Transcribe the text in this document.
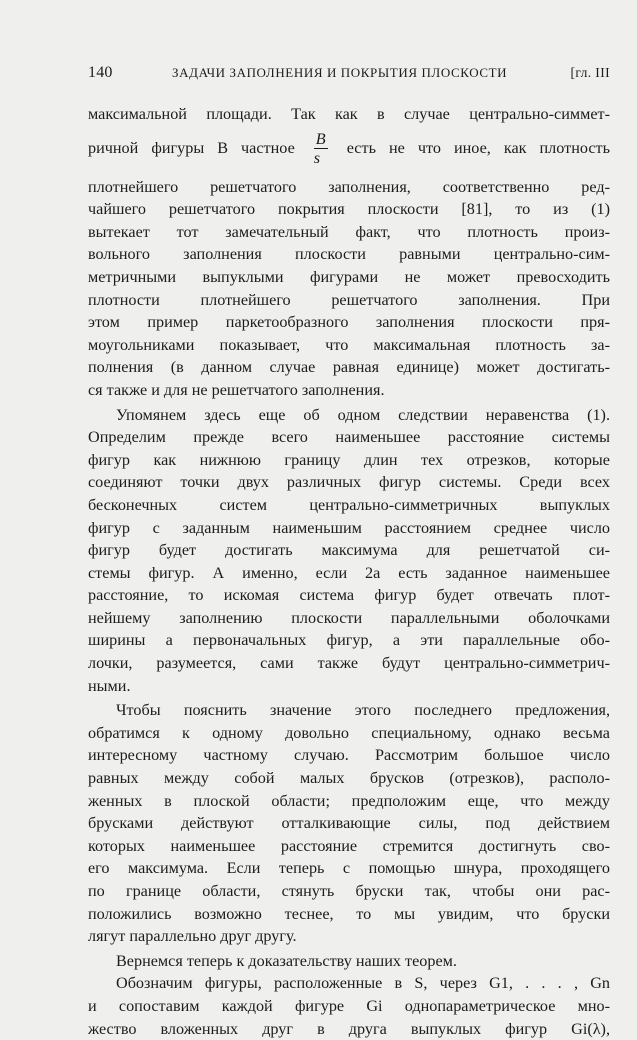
140	ЗАДАЧИ ЗАПОЛНЕНИЯ И ПОКРЫТИЯ ПЛОСКОСТИ	[гл. III
максимальной площади. Так как в случае центрально-симмет-
ричной фигуры B частное $\frac{B}{s}$ есть не что иное, как плотность
плотнейшего решетчатого заполнения, соответственно ред-
чайшего решетчатого покрытия плоскости [81], то из (1)
вытекает тот замечательный факт, что плотность произ-
вольного заполнения плоскости равными центрально-сим-
метричными выпуклыми фигурами не может превосходить
плотности плотнейшего решетчатого заполнения. При
этом пример паркетообразного заполнения плоскости пря-
моугольниками показывает, что максимальная плотность за-
полнения (в данном случае равная единице) может достигать-
ся также и для не решетчатого заполнения.
Упомянем здесь еще об одном следствии неравенства (1).
Определим прежде всего наименьшее расстояние системы
фигур как нижнюю границу длин тех отрезков, которые
соединяют точки двух различных фигур системы. Среди всех
бесконечных систем центрально-симметричных выпуклых
фигур с заданным наименьшим расстоянием среднее число
фигур будет достигать максимума для решетчатой си-
стемы фигур. А именно, если 2a есть заданное наименьшее
расстояние, то искомая система фигур будет отвечать плот-
нейшему заполнению плоскости параллельными оболочками
ширины a первоначальных фигур, а эти параллельные обо-
лочки, разумеется, сами также будут центрально-симметрич-
ными.
Чтобы пояснить значение этого последнего предложения,
обратимся к одному довольно специальному, однако весьма
интересному частному случаю. Рассмотрим большое число
равных между собой малых брусков (отрезков), располо-
женных в плоской области; предположим еще, что между
брусками действуют отталкивающие силы, под действием
которых наименьшее расстояние стремится достигнуть сво-
его максимума. Если теперь с помощью шнура, проходящего
по границе области, стянуть бруски так, чтобы они рас-
положились возможно теснее, то мы увидим, что бруски
лягут параллельно друг другу.
Вернемся теперь к доказательству наших теорем.
Обозначим фигуры, расположенные в S, через G1, . . . , Gn
и сопоставим каждой фигуре Gi однопараметрическое мно-
жество вложенных друг в друга выпуклых фигур Gi(λ),
